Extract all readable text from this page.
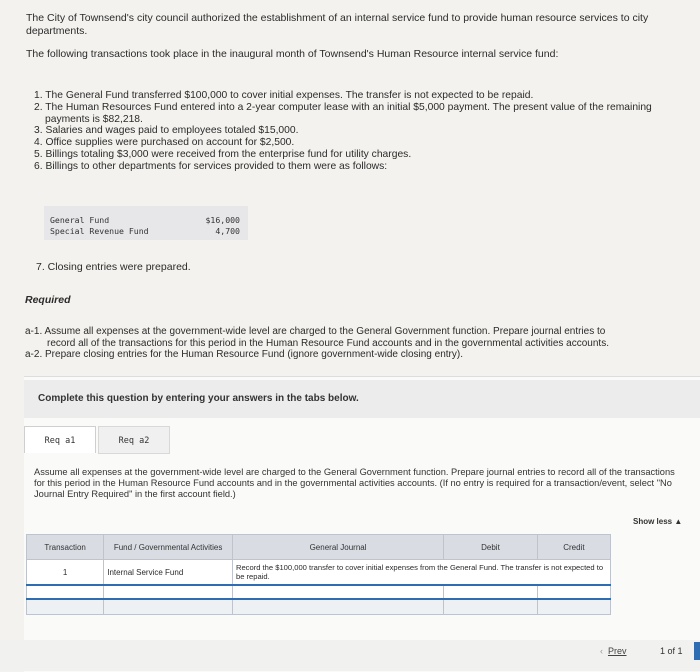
The City of Townsend's city council authorized the establishment of an internal service fund to provide human resource services to city departments.

The following transactions took place in the inaugural month of Townsend's Human Resource internal service fund:

1. The General Fund transferred $100,000 to cover initial expenses. The transfer is not expected to be repaid.
2. The Human Resources Fund entered into a 2-year computer lease with an initial $5,000 payment. The present value of the remaining payments is $82,218.
3. Salaries and wages paid to employees totaled $15,000.
4. Office supplies were purchased on account for $2,500.
5. Billings totaling $3,000 were received from the enterprise fund for utility charges.
6. Billings to other departments for services provided to them were as follows:
General Fund	$16,000
Special Revenue Fund	4,700
7. Closing entries were prepared.
Required
a-1. Assume all expenses at the government-wide level are charged to the General Government function. Prepare journal entries to
record all of the transactions for this period in the Human Resource Fund accounts and in the governmental activities accounts.
a-2. Prepare closing entries for the Human Resource Fund (ignore government-wide closing entry).
Complete this question by entering your answers in the tabs below.
Req a1	Req a2
Assume all expenses at the government-wide level are charged to the General Government function. Prepare journal entries to record all of the transactions for this period in the Human Resource Fund accounts and in the governmental activities accounts. (If no entry is required for a transaction/event, select "No Journal Entry Required" in the first account field.)
Show less ▲
Transaction	Fund / Governmental Activities	General Journal	Debit	Credit
1	Internal Service Fund	Record the $100,000 transfer to cover initial expenses from the General Fund. The transfer is not expected to be repaid.		

‹ Prev	1 of 1
